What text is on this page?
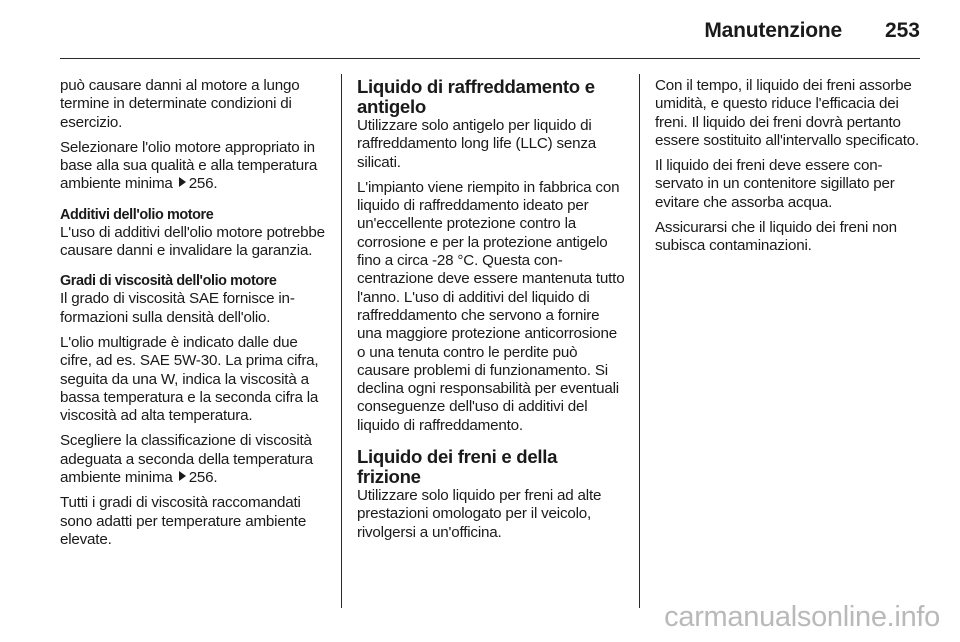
Manutenzione 253

può causare danni al motore a lungo termine in determinate condizioni di esercizio.

Selezionare l'olio motore appropriato in base alla sua qualità e alla temperatura ambiente minima 256.

Additivi dell'olio motore

L'uso di additivi dell'olio motore potrebbe causare danni e invalidare la garanzia.

Gradi di viscosità dell'olio motore

Il grado di viscosità SAE fornisce informazioni sulla densità dell'olio.

L'olio multigrade è indicato dalle due cifre, ad es. SAE 5W-30. La prima cifra, seguita da una W, indica la viscosità a bassa temperatura e la seconda cifra la viscosità ad alta temperatura.

Scegliere la classificazione di viscosità adeguata a seconda della temperatura ambiente minima 256.

Tutti i gradi di viscosità raccomandati sono adatti per temperature ambiente elevate.

Liquido di raffreddamento e antigelo

Utilizzare solo antigelo per liquido di raffreddamento long life (LLC) senza silicati.

L'impianto viene riempito in fabbrica con liquido di raffreddamento ideato per un'eccellente protezione contro la corrosione e per la protezione antigelo fino a circa -28 °C. Questa concentrazione deve essere mantenuta tutto l'anno. L'uso di additivi del liquido di raffreddamento che servono a fornire una maggiore protezione anticorrosione o una tenuta contro le perdite può causare problemi di funzionamento. Si declina ogni responsabilità per eventuali conseguenze dell'uso di additivi del liquido di raffreddamento.

Liquido dei freni e della frizione

Utilizzare solo liquido per freni ad alte prestazioni omologato per il veicolo, rivolgersi a un'officina.

Con il tempo, il liquido dei freni assorbe umidità, e questo riduce l'efficacia dei freni. Il liquido dei freni dovrà pertanto essere sostituito all'intervallo specificato.

Il liquido dei freni deve essere conservato in un contenitore sigillato per evitare che assorba acqua.

Assicurarsi che il liquido dei freni non subisca contaminazioni.

carmanualsonline.info
